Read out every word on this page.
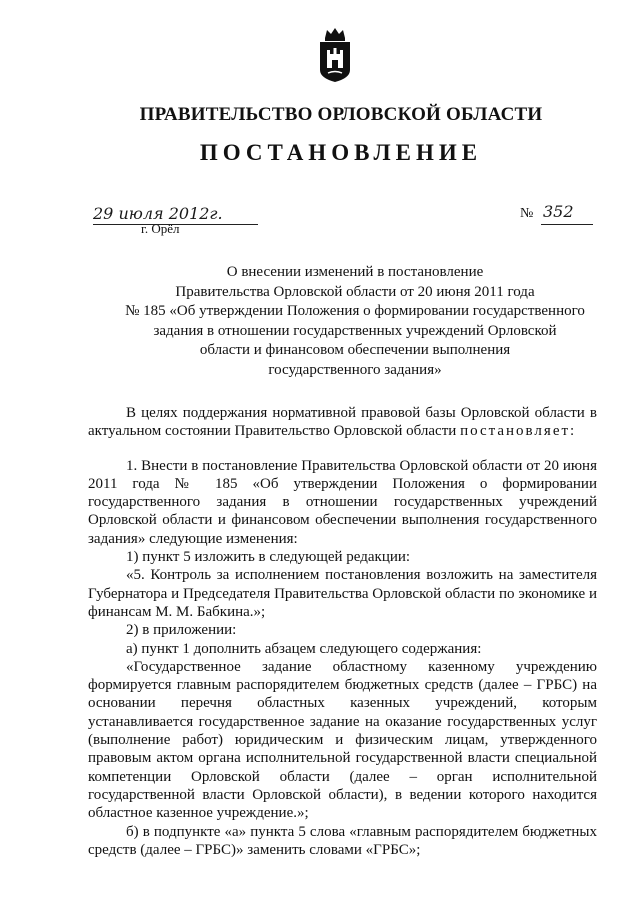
ПРАВИТЕЛЬСТВО ОРЛОВСКОЙ ОБЛАСТИ
ПОСТАНОВЛЕНИЕ
29 июля 2012г.	№ 352
г. Орёл
О внесении изменений в постановление
Правительства Орловской области от 20 июня 2011 года
№ 185 «Об утверждении Положения о формировании государственного
задания в отношении государственных учреждений Орловской
области и финансовом обеспечении выполнения
государственного задания»
В целях поддержания нормативной правовой базы Орловской области в актуальном состоянии Правительство Орловской области постановляет:
1. Внести в постановление Правительства Орловской области от 20 июня 2011 года № 185 «Об утверждении Положения о формировании государственного задания в отношении государственных учреждений Орловской области и финансовом обеспечении выполнения государственного задания» следующие изменения:
1) пункт 5 изложить в следующей редакции:
«5. Контроль за исполнением постановления возложить на заместителя Губернатора и Председателя Правительства Орловской области по экономике и финансам М. М. Бабкина.»;
2) в приложении:
а) пункт 1 дополнить абзацем следующего содержания:
«Государственное задание областному казенному учреждению формируется главным распорядителем бюджетных средств (далее – ГРБС) на основании перечня областных казенных учреждений, которым устанавливается государственное задание на оказание государственных услуг (выполнение работ) юридическим и физическим лицам, утвержденного правовым актом органа исполнительной государственной власти специальной компетенции Орловской области (далее – орган исполнительной государственной власти Орловской области), в ведении которого находится областное казенное учреждение.»;
б) в подпункте «а» пункта 5 слова «главным распорядителем бюджетных средств (далее – ГРБС)» заменить словами «ГРБС»;
